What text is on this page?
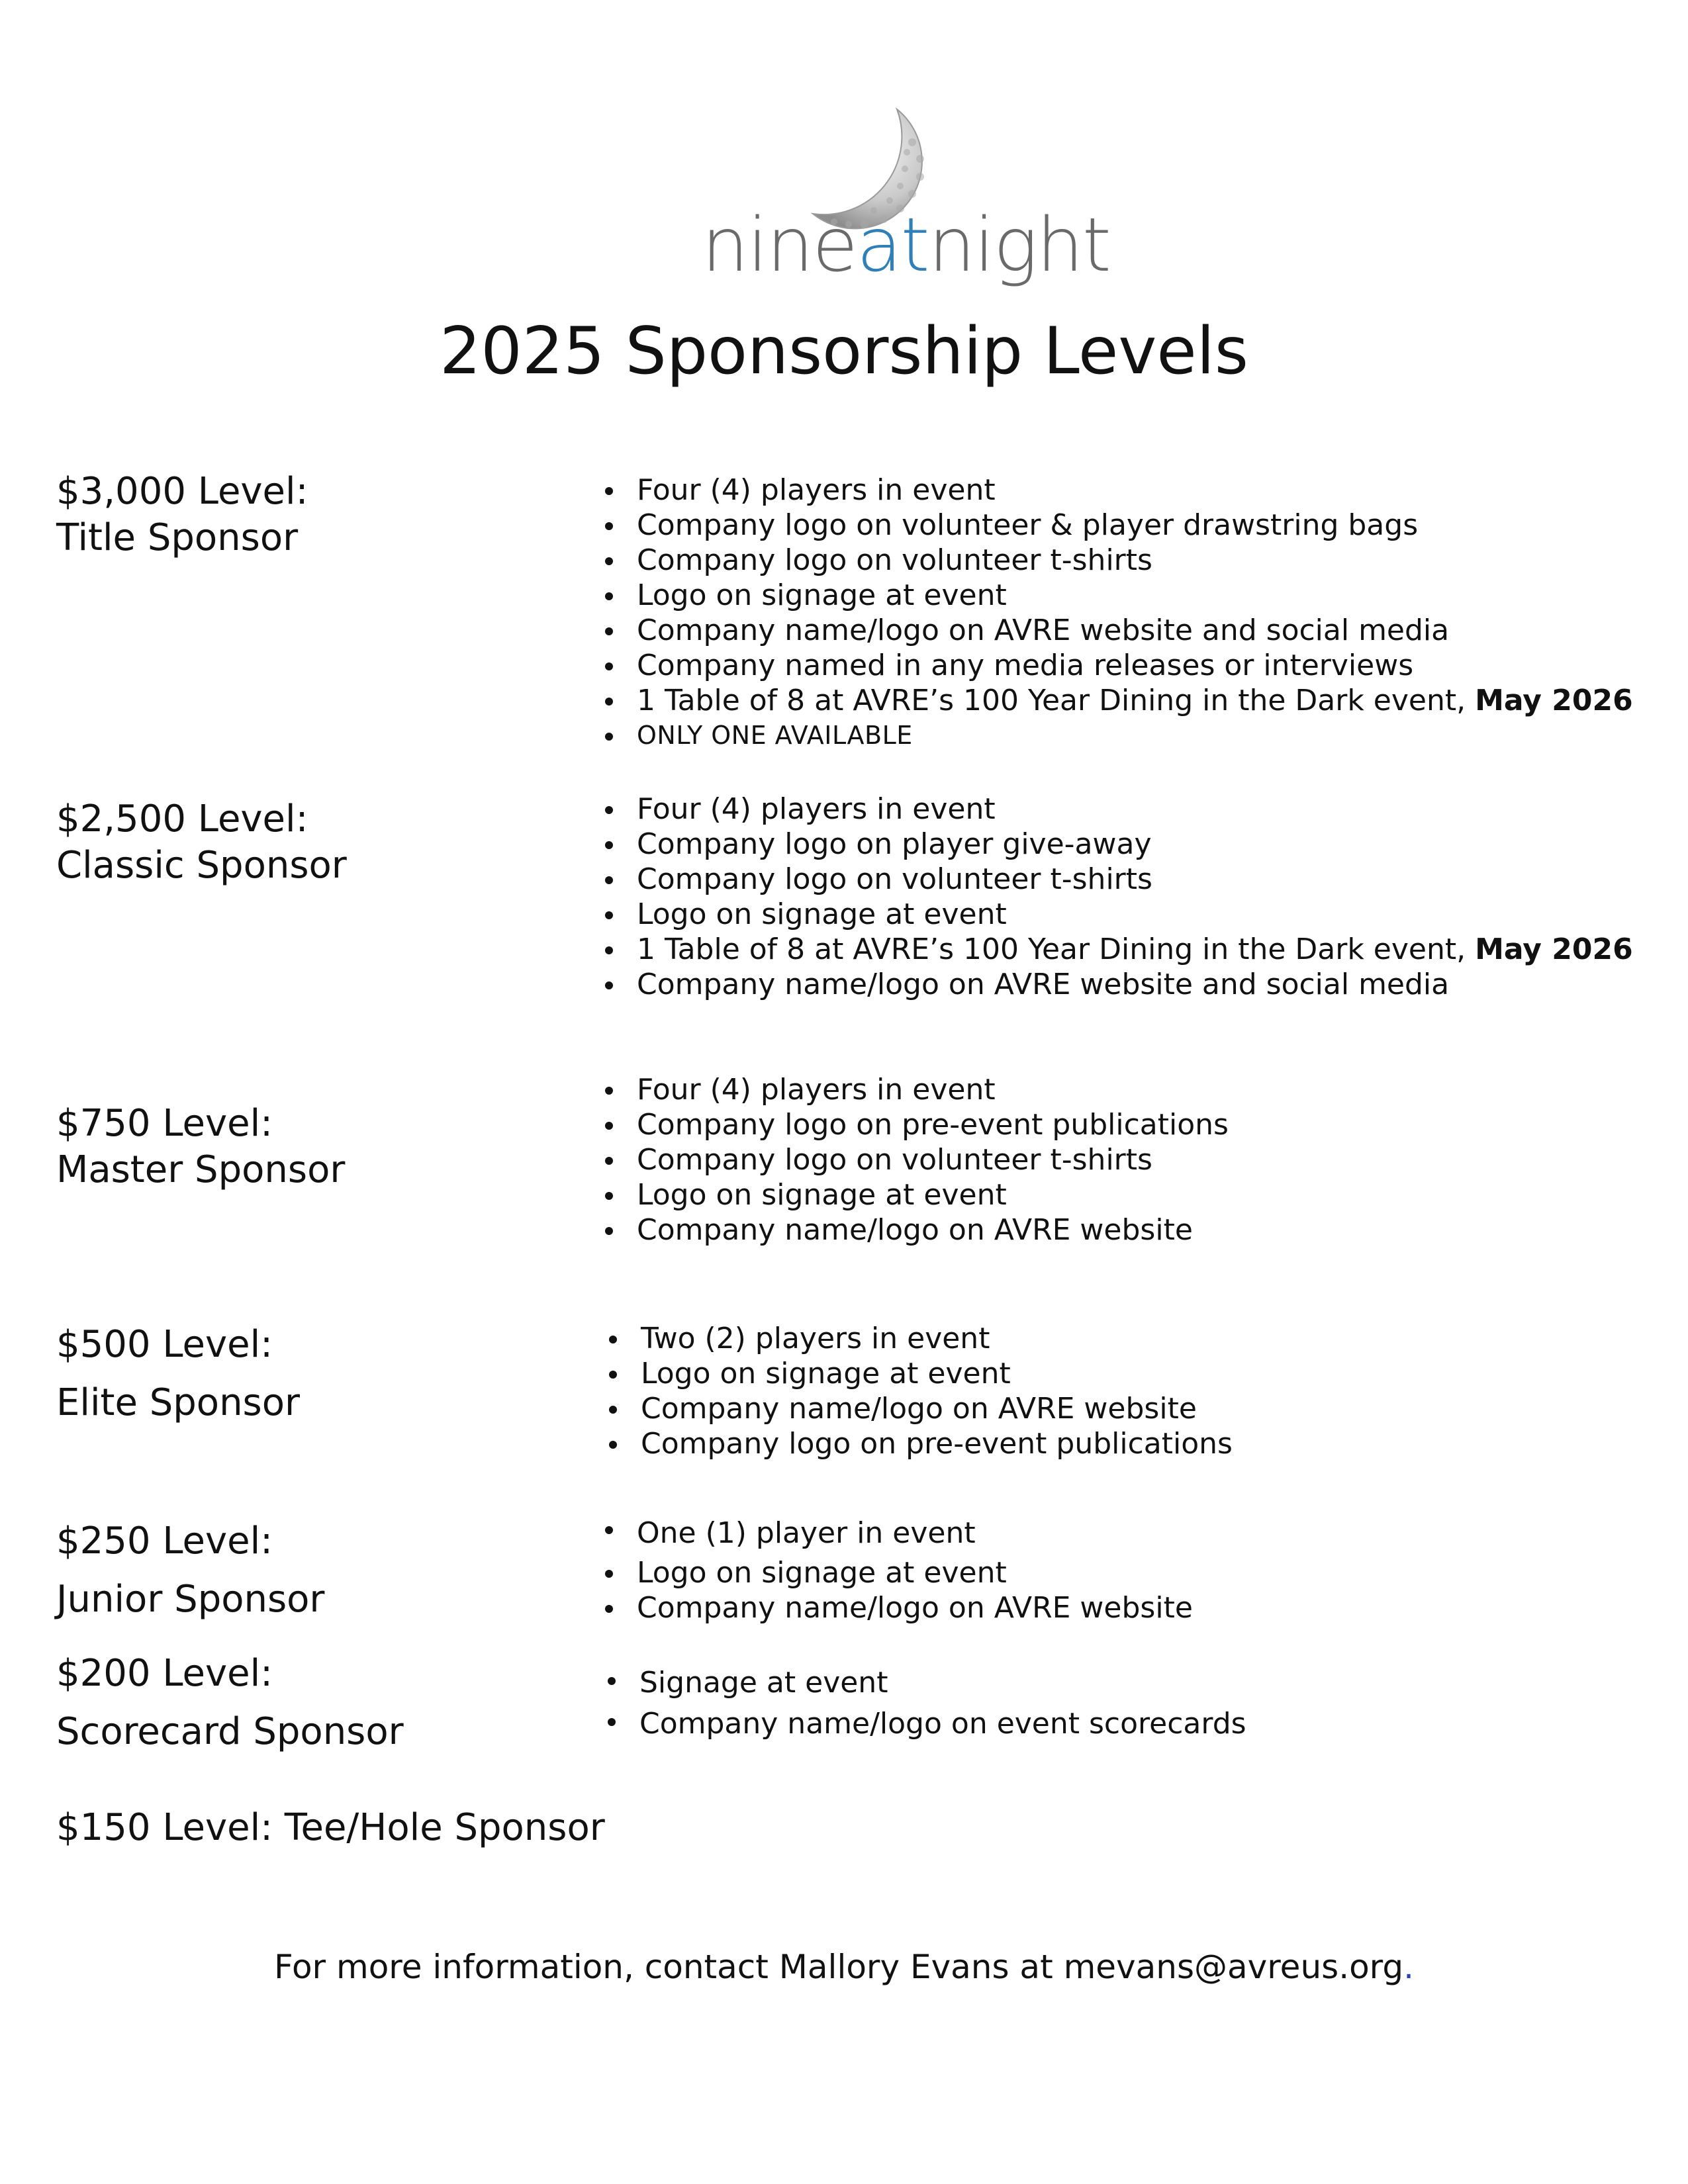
nineatnight
2025 Sponsorship Levels
$3,000 Level:
Title Sponsor
Four (4) players in event
Company logo on volunteer & player drawstring bags
Company logo on volunteer t-shirts
Logo on signage at event
Company name/logo on AVRE website and social media
Company named in any media releases or interviews
1 Table of 8 at AVRE’s 100 Year Dining in the Dark event, May 2026
ONLY ONE AVAILABLE
$2,500 Level:
Classic Sponsor
Four (4) players in event
Company logo on player give-away
Company logo on volunteer t-shirts
Logo on signage at event
1 Table of 8 at AVRE’s 100 Year Dining in the Dark event, May 2026
Company name/logo on AVRE website and social media
$750 Level:
Master Sponsor
Four (4) players in event
Company logo on pre-event publications
Company logo on volunteer t-shirts
Logo on signage at event
Company name/logo on AVRE website
$500 Level:
Elite Sponsor
Two (2) players in event
Logo on signage at event
Company name/logo on AVRE website
Company logo on pre-event publications
$250 Level:
Junior Sponsor
One (1) player in event
Logo on signage at event
Company name/logo on AVRE website
$200 Level:
Scorecard Sponsor
Signage at event
Company name/logo on event scorecards
$150 Level: Tee/Hole Sponsor
For more information, contact Mallory Evans at mevans@avreus.org.
